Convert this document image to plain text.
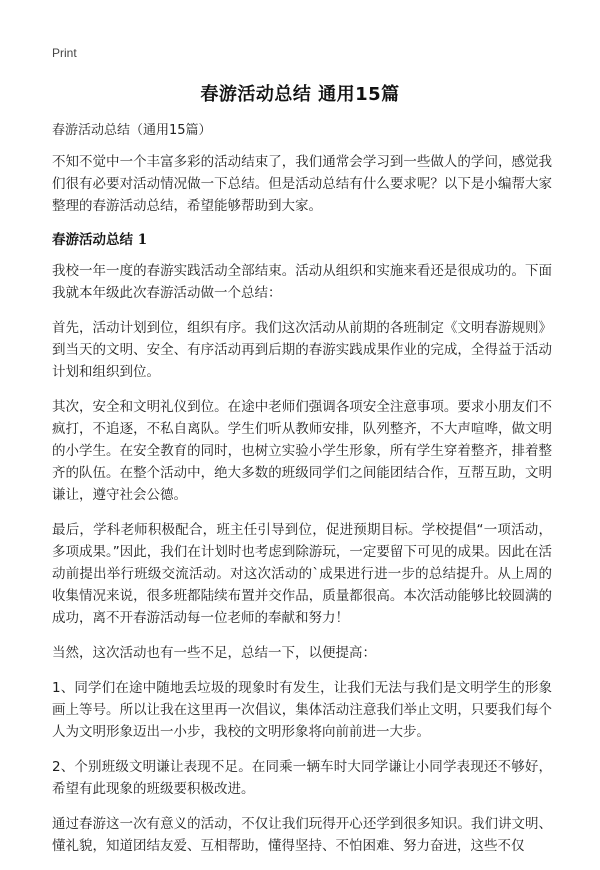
Print
春游活动总结 通用15篇
春游活动总结（通用15篇）

不知不觉中一个丰富多彩的活动结束了，我们通常会学习到一些做人的学问，感觉我们很有必要对活动情况做一下总结。但是活动总结有什么要求呢？以下是小编帮大家整理的春游活动总结，希望能够帮助到大家。

春游活动总结 1

我校一年一度的春游实践活动全部结束。活动从组织和实施来看还是很成功的。下面我就本年级此次春游活动做一个总结：

首先，活动计划到位，组织有序。我们这次活动从前期的各班制定《文明春游规则》到当天的文明、安全、有序活动再到后期的春游实践成果作业的完成，全得益于活动计划和组织到位。

其次，安全和文明礼仪到位。在途中老师们强调各项安全注意事项。要求小朋友们不疯打，不追逐，不私自离队。学生们听从教师安排，队列整齐，不大声喧哗，做文明的小学生。在安全教育的同时，也树立实验小学生形象，所有学生穿着整齐，排着整齐的队伍。在整个活动中，绝大多数的班级同学们之间能团结合作，互帮互助，文明谦让，遵守社会公德。

最后，学科老师积极配合，班主任引导到位，促进预期目标。学校提倡“一项活动，多项成果。”因此，我们在计划时也考虑到除游玩，一定要留下可见的成果。因此在活动前提出举行班级交流活动。对这次活动的`成果进行进一步的总结提升。从上周的收集情况来说，很多班都陆续布置并交作品，质量都很高。本次活动能够比较圆满的成功，离不开春游活动每一位老师的奉献和努力！

当然，这次活动也有一些不足，总结一下，以便提高：

1、同学们在途中随地丢垃圾的现象时有发生，让我们无法与我们是文明学生的形象画上等号。所以让我在这里再一次倡议，集体活动注意我们举止文明，只要我们每个人为文明形象迈出一小步，我校的文明形象将向前前进一大步。

2、个别班级文明谦让表现不足。在同乘一辆车时大同学谦让小同学表现还不够好，希望有此现象的班级要积极改进。

通过春游这一次有意义的活动，不仅让我们玩得开心还学到很多知识。我们讲文明、懂礼貌，知道团结友爱、互相帮助，懂得坚持、不怕困难、努力奋进，这些不仅
